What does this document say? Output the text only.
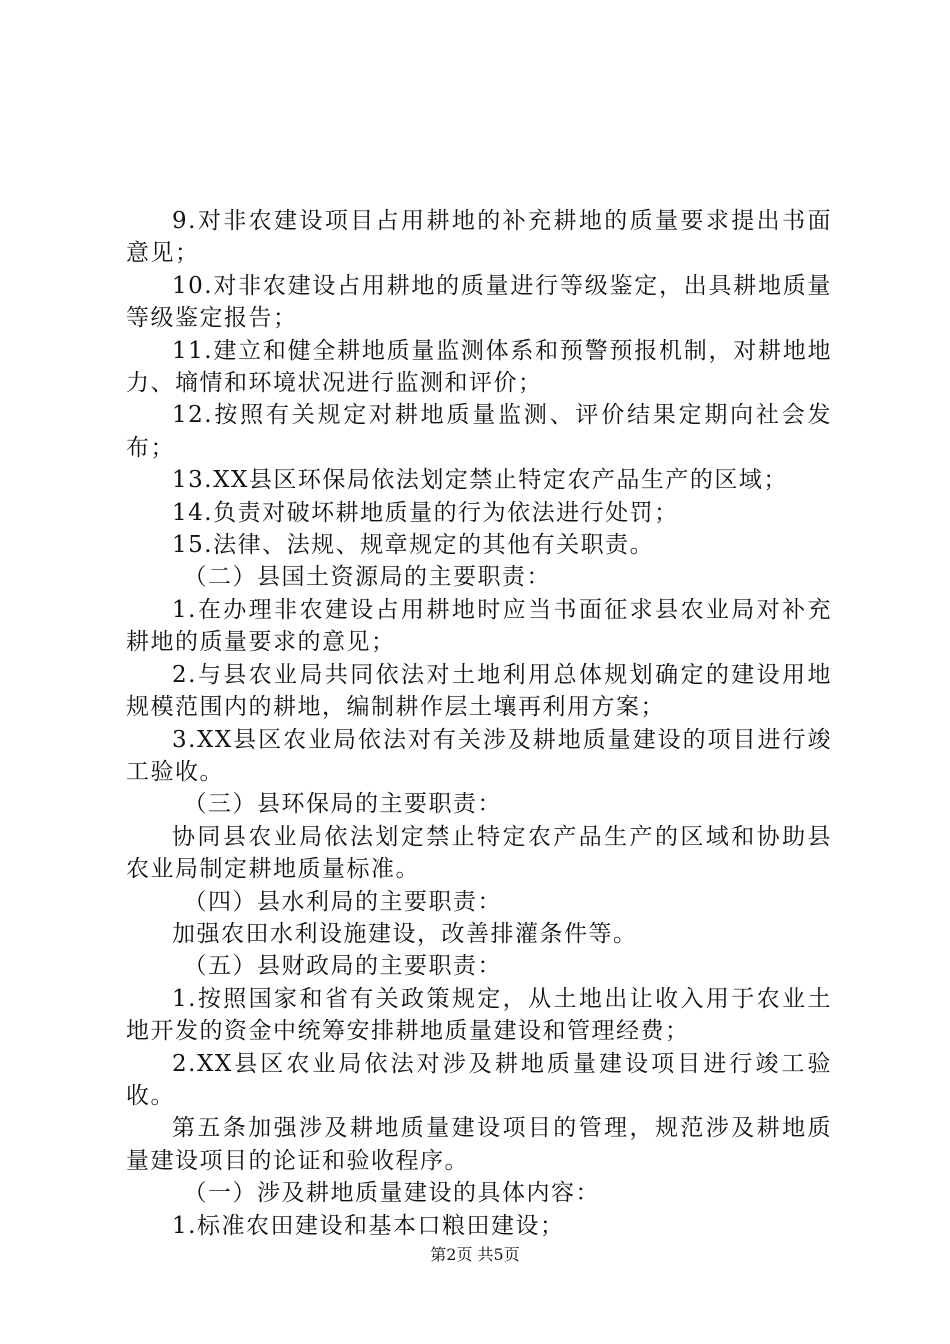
9.对非农建设项目占用耕地的补充耕地的质量要求提出书面意见；

10.对非农建设占用耕地的质量进行等级鉴定，出具耕地质量等级鉴定报告；

11.建立和健全耕地质量监测体系和预警预报机制，对耕地地力、墒情和环境状况进行监测和评价；

12.按照有关规定对耕地质量监测、评价结果定期向社会发布；

13.XX县区环保局依法划定禁止特定农产品生产的区域；

14.负责对破坏耕地质量的行为依法进行处罚；

15.法律、法规、规章规定的其他有关职责。

（二）县国土资源局的主要职责：

1.在办理非农建设占用耕地时应当书面征求县农业局对补充耕地的质量要求的意见；

2.与县农业局共同依法对土地利用总体规划确定的建设用地规模范围内的耕地，编制耕作层土壤再利用方案；

3.XX县区农业局依法对有关涉及耕地质量建设的项目进行竣工验收。

（三）县环保局的主要职责：

协同县农业局依法划定禁止特定农产品生产的区域和协助县农业局制定耕地质量标准。

（四）县水利局的主要职责：

加强农田水利设施建设，改善排灌条件等。

（五）县财政局的主要职责：

1.按照国家和省有关政策规定，从土地出让收入用于农业土地开发的资金中统筹安排耕地质量建设和管理经费；

2.XX县区农业局依法对涉及耕地质量建设项目进行竣工验收。

第五条加强涉及耕地质量建设项目的管理，规范涉及耕地质量建设项目的论证和验收程序。

（一）涉及耕地质量建设的具体内容：

1.标准农田建设和基本口粮田建设；

第2页 共5页
